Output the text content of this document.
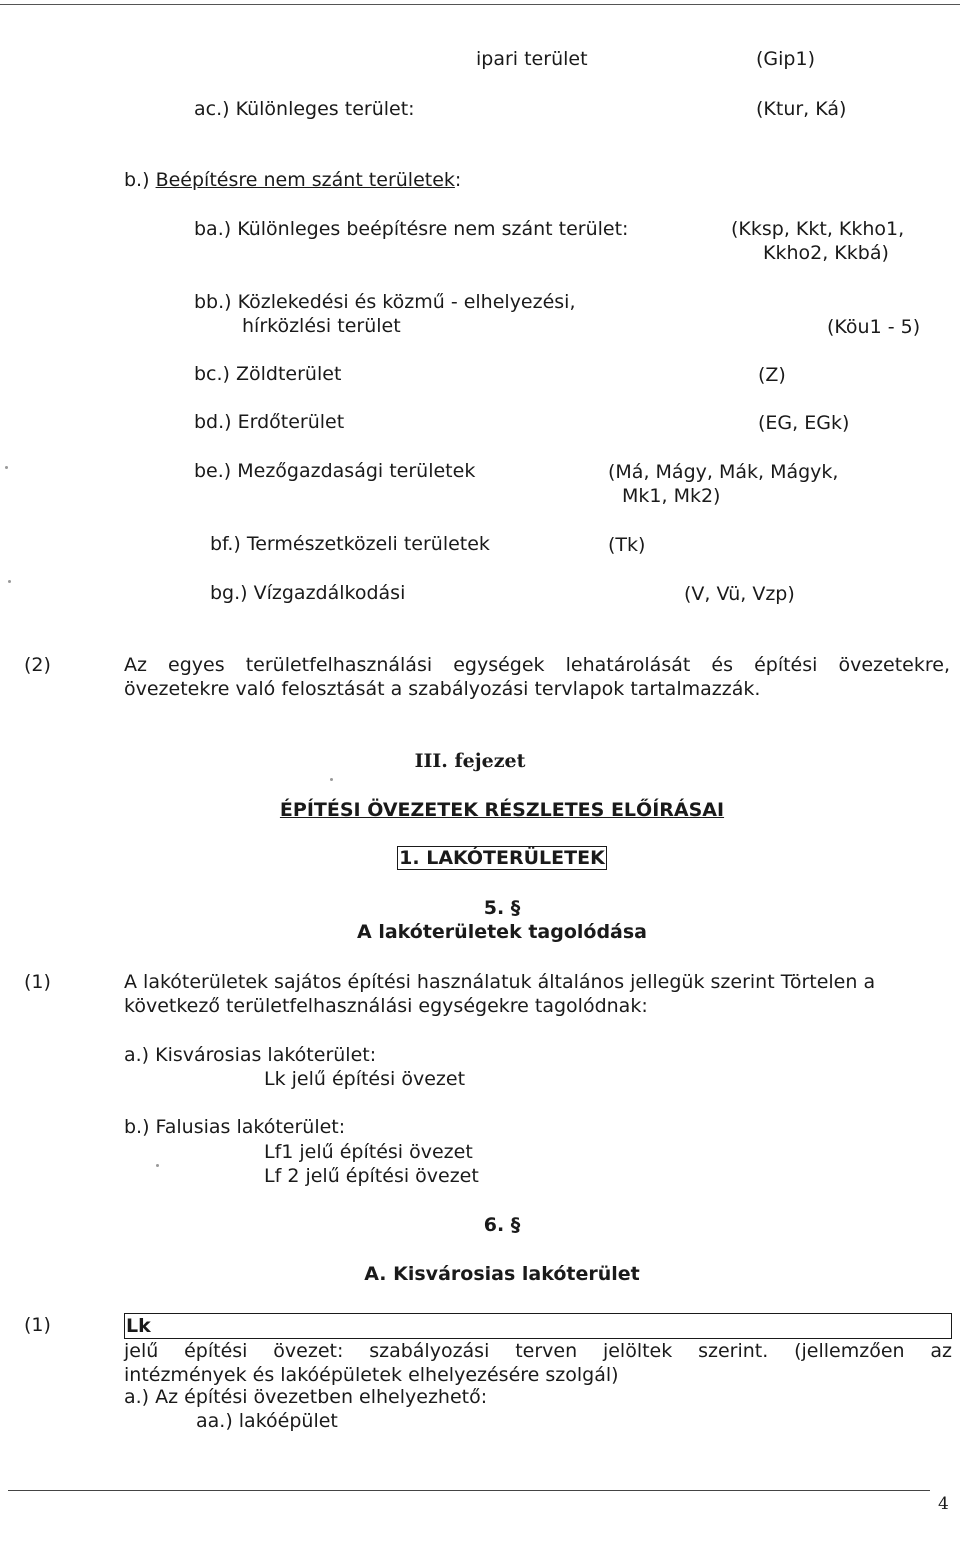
ipari terület	(Gip1)
ac.) Különleges terület:	(Ktur, Ká)
b.) Beépítésre nem szánt területek:
ba.) Különleges beépítésre nem szánt terület:	(Kksp, Kkt, Kkho1,
Kkho2, Kkbá)
bb.) Közlekedési és közmű - elhelyezési,
hírközlési terület	(Köu1 - 5)
bc.) Zöldterület	(Z)
bd.) Erdőterület	(EG, EGk)
be.) Mezőgazdasági területek	(Má, Mágy, Mák, Mágyk,
Mk1, Mk2)
bf.) Természetközeli területek	(Tk)
bg.) Vízgazdálkodási	(V, Vü, Vzp)
(2)	Az egyes területfelhasználási egységek lehatárolását és építési övezetekre,
övezetekre való felosztását a szabályozási tervlapok tartalmazzák.
III. fejezet
ÉPÍTÉSI ÖVEZETEK RÉSZLETES ELŐÍRÁSAI
1. LAKÓTERÜLETEK
5. §
A lakóterületek tagolódása
(1)	A lakóterületek sajátos építési használatuk általános jellegük szerint Törtelen a
következő területfelhasználási egységekre tagolódnak:
a.) Kisvárosias lakóterület:
Lk jelű építési övezet
b.) Falusias lakóterület:
Lf1 jelű építési övezet
Lf 2 jelű építési övezet
6. §
A. Kisvárosias lakóterület
(1)	Lk
jelű építési övezet: szabályozási terven jelöltek szerint. (jellemzően az
intézmények és lakóépületek elhelyezésére szolgál)
a.) Az építési övezetben elhelyezhető:
aa.) lakóépület
4
